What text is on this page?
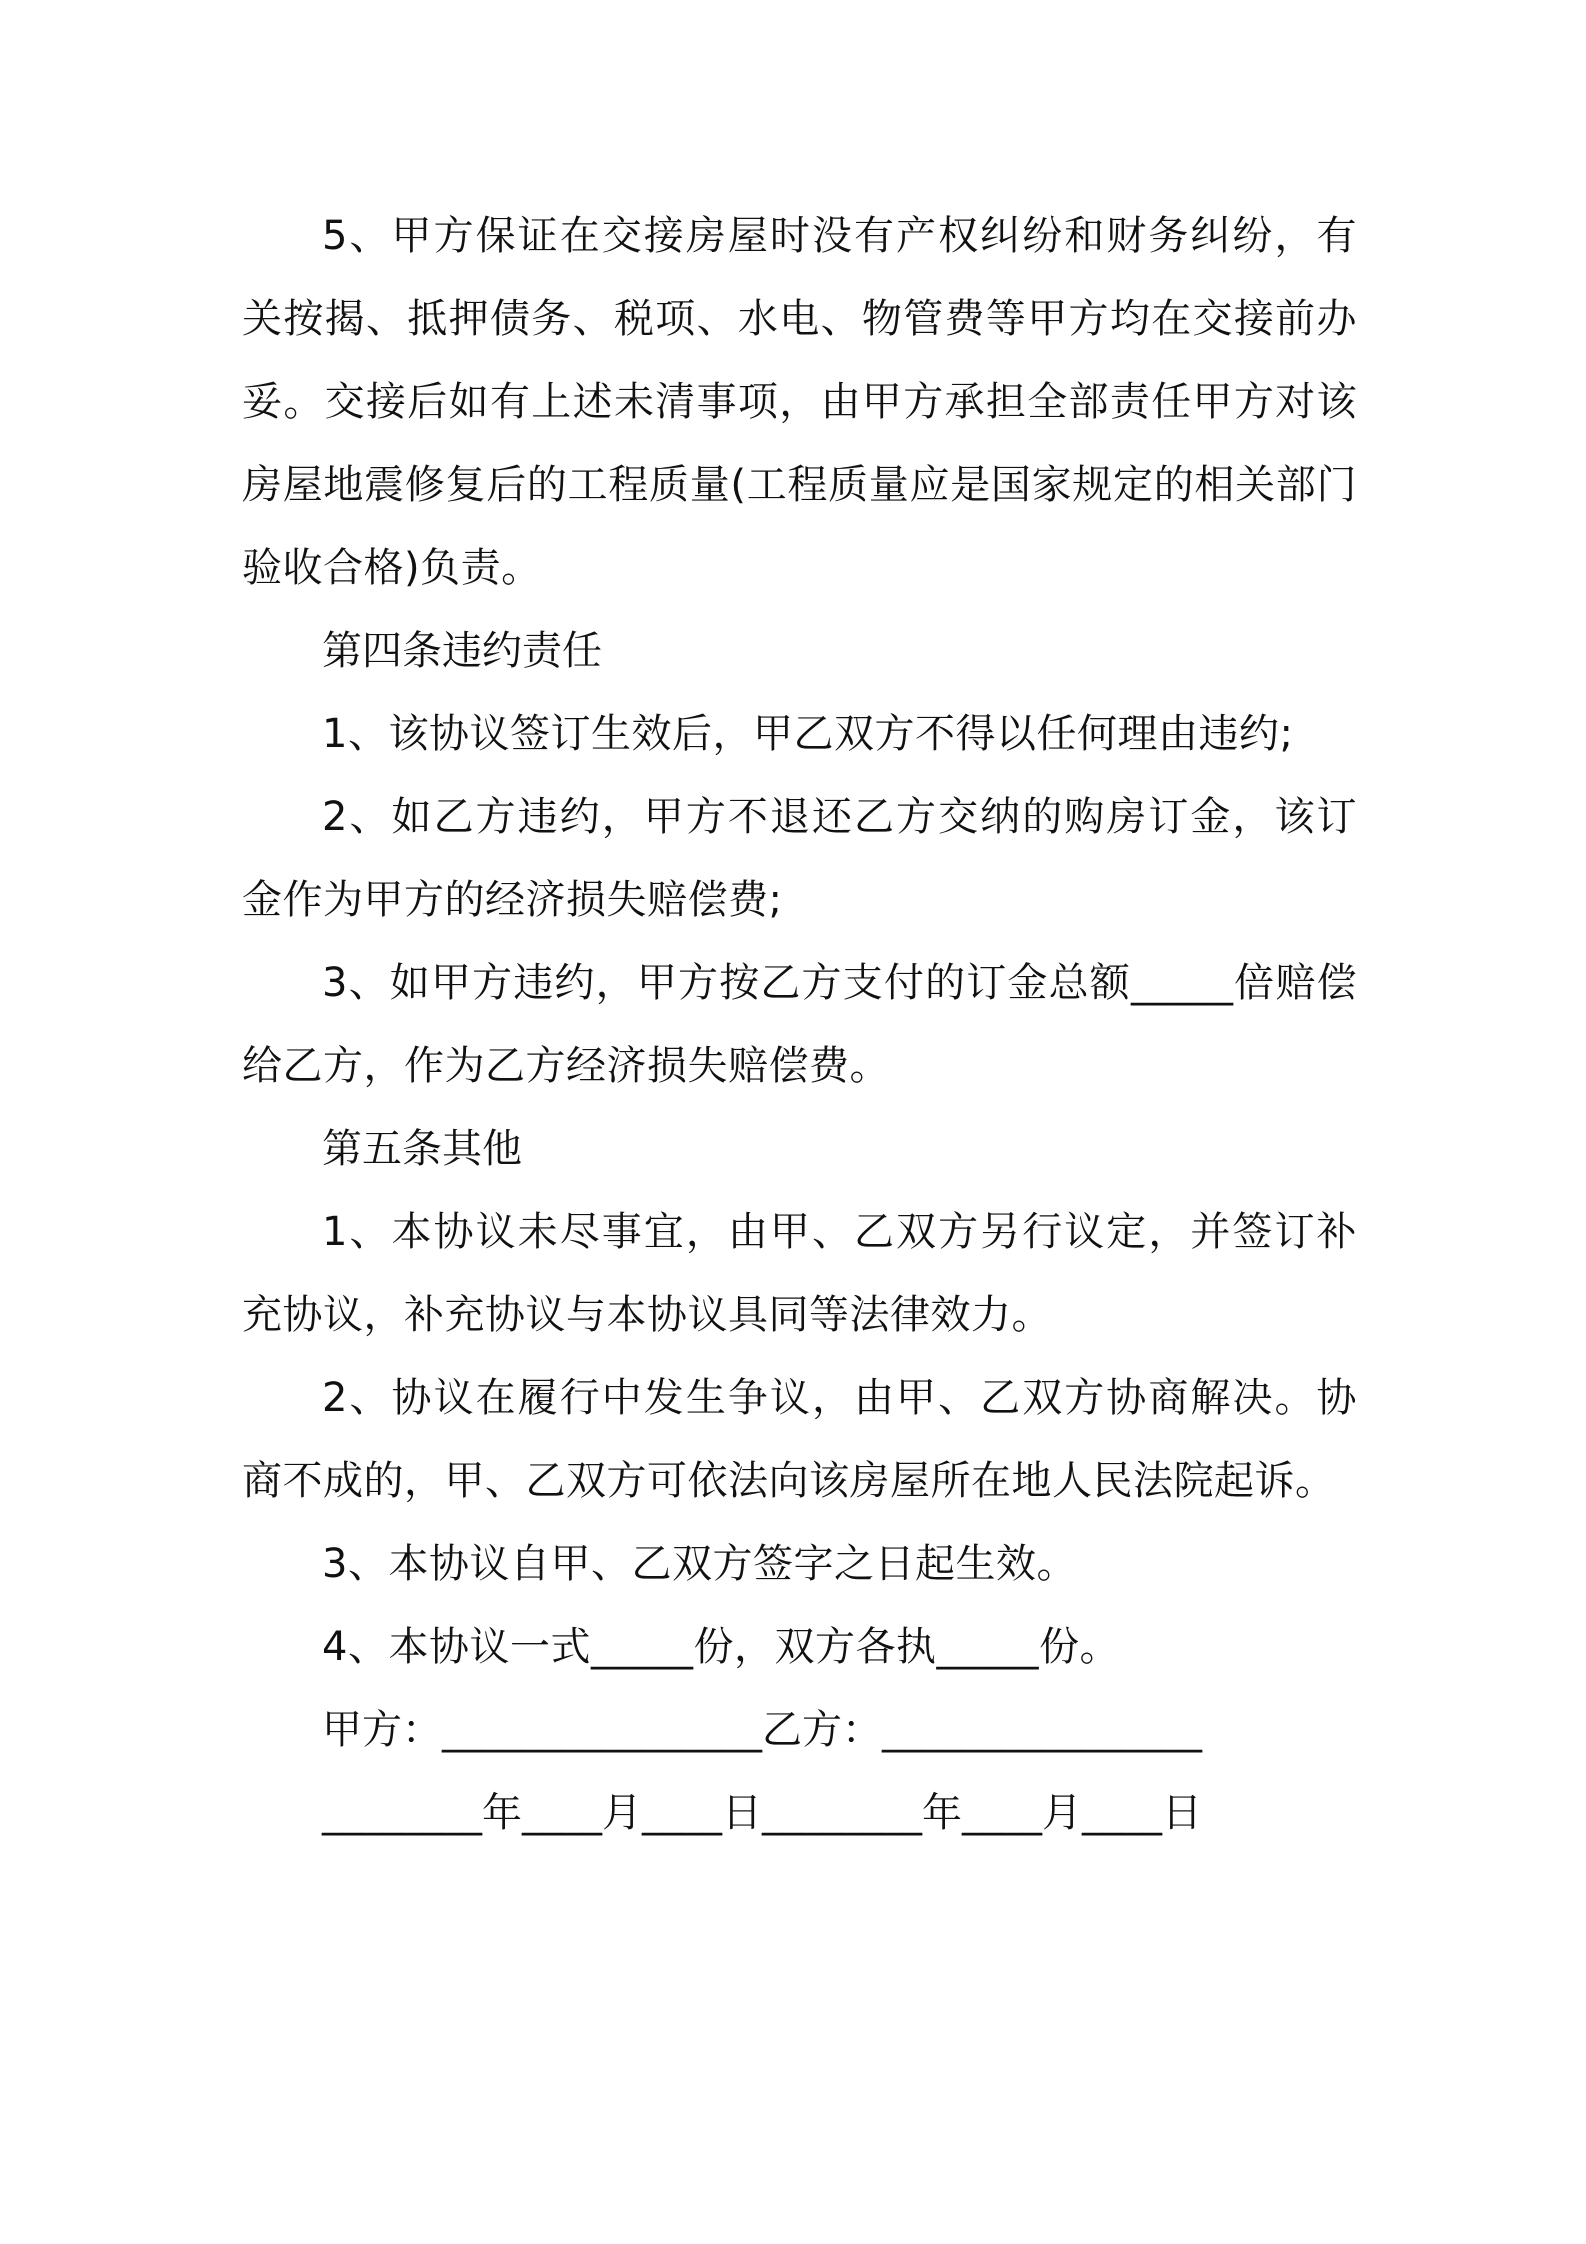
5、甲方保证在交接房屋时没有产权纠纷和财务纠纷，有关按揭、抵押债务、税项、水电、物管费等甲方均在交接前办妥。交接后如有上述未清事项，由甲方承担全部责任甲方对该房屋地震修复后的工程质量(工程质量应是国家规定的相关部门验收合格)负责。

第四条违约责任

1、该协议签订生效后，甲乙双方不得以任何理由违约;

2、如乙方违约，甲方不退还乙方交纳的购房订金，该订金作为甲方的经济损失赔偿费;

3、如甲方违约，甲方按乙方支付的订金总额_____倍赔偿给乙方，作为乙方经济损失赔偿费。

第五条其他

1、本协议未尽事宜，由甲、乙双方另行议定，并签订补充协议，补充协议与本协议具同等法律效力。

2、协议在履行中发生争议，由甲、乙双方协商解决。协商不成的，甲、乙双方可依法向该房屋所在地人民法院起诉。

3、本协议自甲、乙双方签字之日起生效。

4、本协议一式_____份，双方各执_____份。

甲方：________________乙方：________________

________年____月____日________年____月____日
